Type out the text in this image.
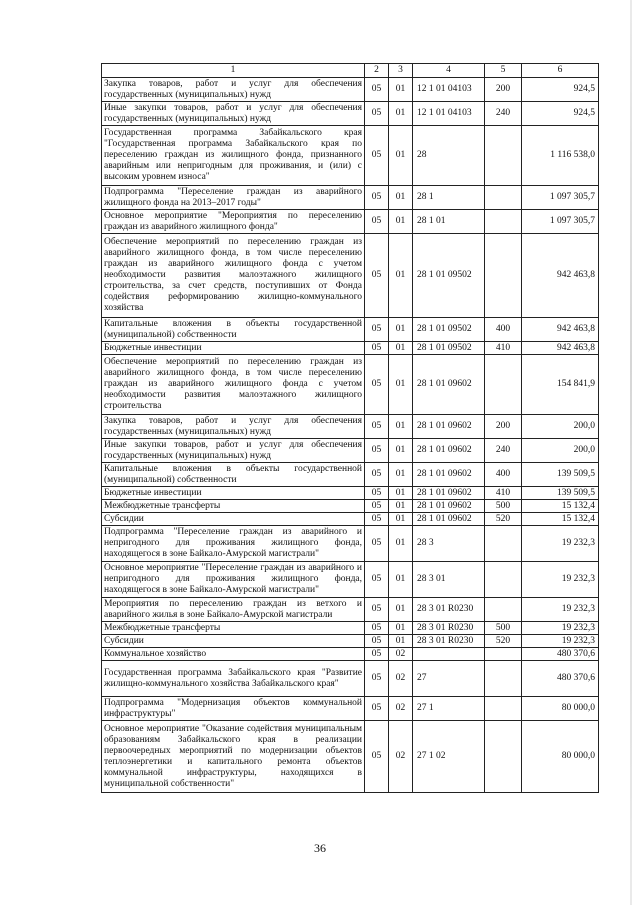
1	2	3	4	5	6
Закупка товаров, работ и услуг для обеспечения государственных (муниципальных) нужд	05	01	12 1 01 04103	200	924,5
Иные закупки товаров, работ и услуг для обеспечения государственных (муниципальных) нужд	05	01	12 1 01 04103	240	924,5
Государственная программа Забайкальского края "Государственная программа Забайкальского края по переселению граждан из жилищного фонда, признанного аварийным или непригодным для проживания, и (или) с высоким уровнем износа"	05	01	28		1 116 538,0
Подпрограмма "Переселение граждан из аварийного жилищного фонда на 2013–2017 годы"	05	01	28 1		1 097 305,7
Основное мероприятие "Мероприятия по переселению граждан из аварийного жилищного фонда"	05	01	28 1 01		1 097 305,7
Обеспечение мероприятий по переселению граждан из аварийного жилищного фонда, в том числе переселению граждан из аварийного жилищного фонда с учетом необходимости развития малоэтажного жилищного строительства, за счет средств, поступивших от Фонда содействия реформированию жилищно-коммунального хозяйства	05	01	28 1 01 09502		942 463,8
Капитальные вложения в объекты государственной (муниципальной) собственности	05	01	28 1 01 09502	400	942 463,8
Бюджетные инвестиции	05	01	28 1 01 09502	410	942 463,8
Обеспечение мероприятий по переселению граждан из аварийного жилищного фонда, в том числе переселению граждан из аварийного жилищного фонда с учетом необходимости развития малоэтажного жилищного строительства	05	01	28 1 01 09602		154 841,9
Закупка товаров, работ и услуг для обеспечения государственных (муниципальных) нужд	05	01	28 1 01 09602	200	200,0
Иные закупки товаров, работ и услуг для обеспечения государственных (муниципальных) нужд	05	01	28 1 01 09602	240	200,0
Капитальные вложения в объекты государственной (муниципальной) собственности	05	01	28 1 01 09602	400	139 509,5
Бюджетные инвестиции	05	01	28 1 01 09602	410	139 509,5
Межбюджетные трансферты	05	01	28 1 01 09602	500	15 132,4
Субсидии	05	01	28 1 01 09602	520	15 132,4
Подпрограмма "Переселение граждан из аварийного и непригодного для проживания жилищного фонда, находящегося в зоне Байкало-Амурской магистрали"	05	01	28 3		19 232,3
Основное мероприятие "Переселение граждан из аварийного и непригодного для проживания жилищного фонда, находящегося в зоне Байкало-Амурской магистрали"	05	01	28 3 01		19 232,3
Мероприятия по переселению граждан из ветхого и аварийного жилья в зоне Байкало-Амурской магистрали	05	01	28 3 01 R0230		19 232,3
Межбюджетные трансферты	05	01	28 3 01 R0230	500	19 232,3
Субсидии	05	01	28 3 01 R0230	520	19 232,3
Коммунальное хозяйство	05	02			480 370,6
Государственная программа Забайкальского края "Развитие жилищно-коммунального хозяйства Забайкальского края"	05	02	27		480 370,6
Подпрограмма "Модернизация объектов коммунальной инфраструктуры"	05	02	27 1		80 000,0
Основное мероприятие "Оказание содействия муниципальным образованиям Забайкальского края в реализации первоочередных мероприятий по модернизации объектов теплоэнергетики и капитального ремонта объектов коммунальной инфраструктуры, находящихся в муниципальной собственности"	05	02	27 1 02		80 000,0
36
